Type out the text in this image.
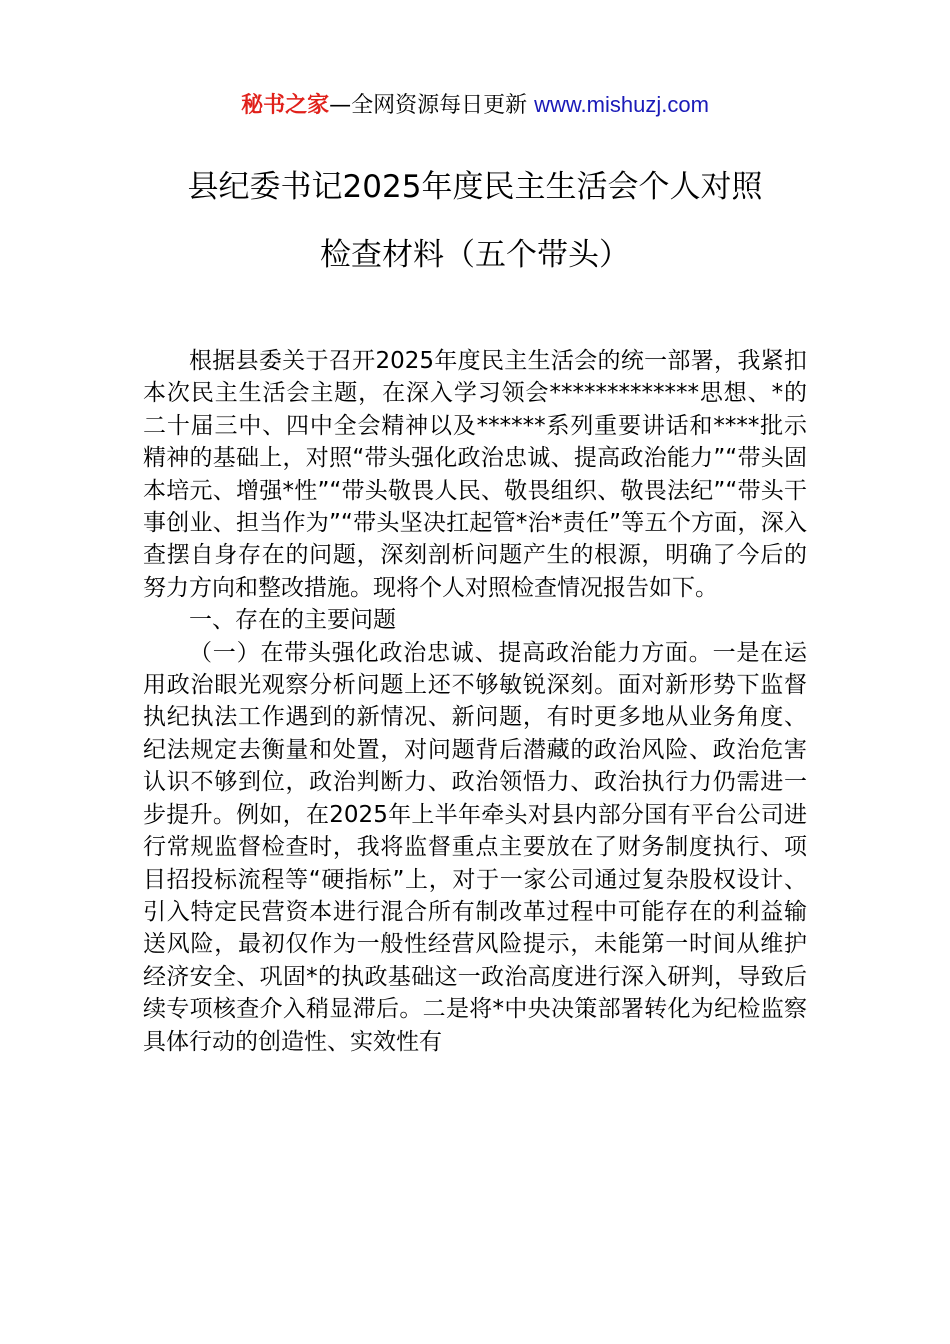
秘书之家—全网资源每日更新 www.mishuzj.com
县纪委书记2025年度民主生活会个人对照
检查材料（五个带头）

根据县委关于召开2025年度民主生活会的统一部署，我紧扣本次民主生活会主题，在深入学习领会*************思想、*的二十届三中、四中全会精神以及******系列重要讲话和****批示精神的基础上，对照“带头强化政治忠诚、提高政治能力”“带头固本培元、增强*性”“带头敬畏人民、敬畏组织、敬畏法纪”“带头干事创业、担当作为”“带头坚决扛起管*治*责任”等五个方面，深入查摆自身存在的问题，深刻剖析问题产生的根源，明确了今后的努力方向和整改措施。现将个人对照检查情况报告如下。

一、存在的主要问题

（一）在带头强化政治忠诚、提高政治能力方面。一是在运用政治眼光观察分析问题上还不够敏锐深刻。面对新形势下监督执纪执法工作遇到的新情况、新问题，有时更多地从业务角度、纪法规定去衡量和处置，对问题背后潜藏的政治风险、政治危害认识不够到位，政治判断力、政治领悟力、政治执行力仍需进一步提升。例如，在2025年上半年牵头对县内部分国有平台公司进行常规监督检查时，我将监督重点主要放在了财务制度执行、项目招投标流程等“硬指标”上，对于一家公司通过复杂股权设计、引入特定民营资本进行混合所有制改革过程中可能存在的利益输送风险，最初仅作为一般性经营风险提示，未能第一时间从维护经济安全、巩固*的执政基础这一政治高度进行深入研判，导致后续专项核查介入稍显滞后。二是将*中央决策部署转化为纪检监察具体行动的创造性、实效性有
